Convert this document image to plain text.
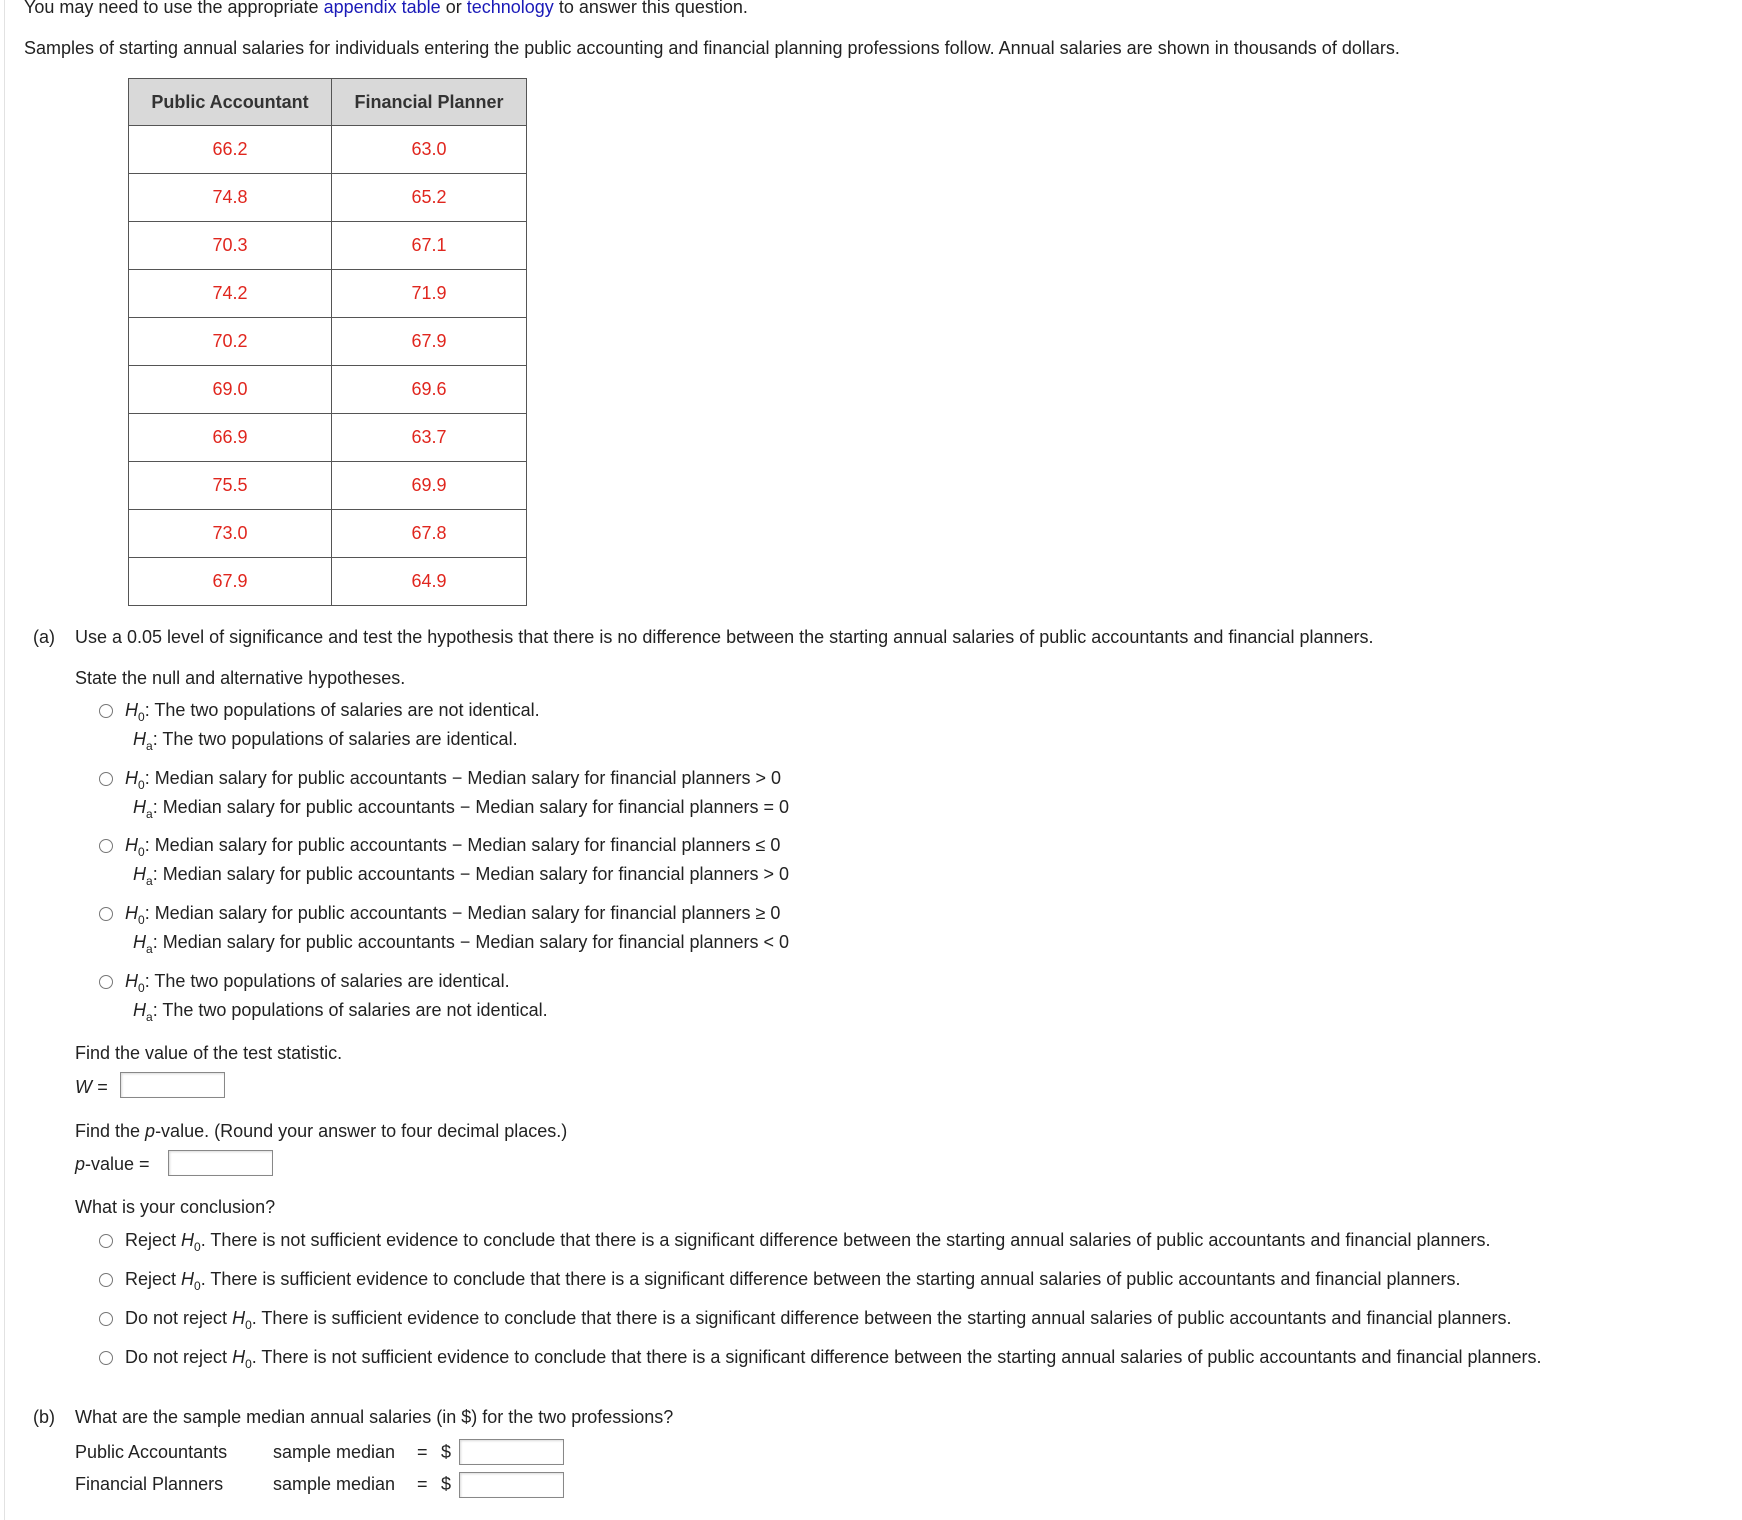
You may need to use the appropriate appendix table or technology to answer this question.

Samples of starting annual salaries for individuals entering the public accounting and financial planning professions follow. Annual salaries are shown in thousands of dollars.

Public Accountant	Financial Planner
66.2	63.0
74.8	65.2
70.3	67.1
74.2	71.9
70.2	67.9
69.0	69.6
66.9	63.7
75.5	69.9
73.0	67.8
67.9	64.9
(a) Use a 0.05 level of significance and test the hypothesis that there is no difference between the starting annual salaries of public accountants and financial planners.
State the null and alternative hypotheses.
$H_0$: The two populations of salaries are not identical.
$H_a$: The two populations of salaries are identical.
$H_0$: Median salary for public accountants − Median salary for financial planners > 0
$H_a$: Median salary for public accountants − Median salary for financial planners = 0
$H_0$: Median salary for public accountants − Median salary for financial planners ≤ 0
$H_a$: Median salary for public accountants − Median salary for financial planners > 0
$H_0$: Median salary for public accountants − Median salary for financial planners ≥ 0
$H_a$: Median salary for public accountants − Median salary for financial planners < 0
$H_0$: The two populations of salaries are identical.
$H_a$: The two populations of salaries are not identical.
Find the value of the test statistic.
W =
Find the p-value. (Round your answer to four decimal places.)
p-value =
What is your conclusion?
Reject $H_0$. There is not sufficient evidence to conclude that there is a significant difference between the starting annual salaries of public accountants and financial planners.
Reject $H_0$. There is sufficient evidence to conclude that there is a significant difference between the starting annual salaries of public accountants and financial planners.
Do not reject $H_0$. There is sufficient evidence to conclude that there is a significant difference between the starting annual salaries of public accountants and financial planners.
Do not reject $H_0$. There is not sufficient evidence to conclude that there is a significant difference between the starting annual salaries of public accountants and financial planners.
(b) What are the sample median annual salaries (in $) for the two professions?
Public Accountants	sample median = $
Financial Planners	sample median = $
